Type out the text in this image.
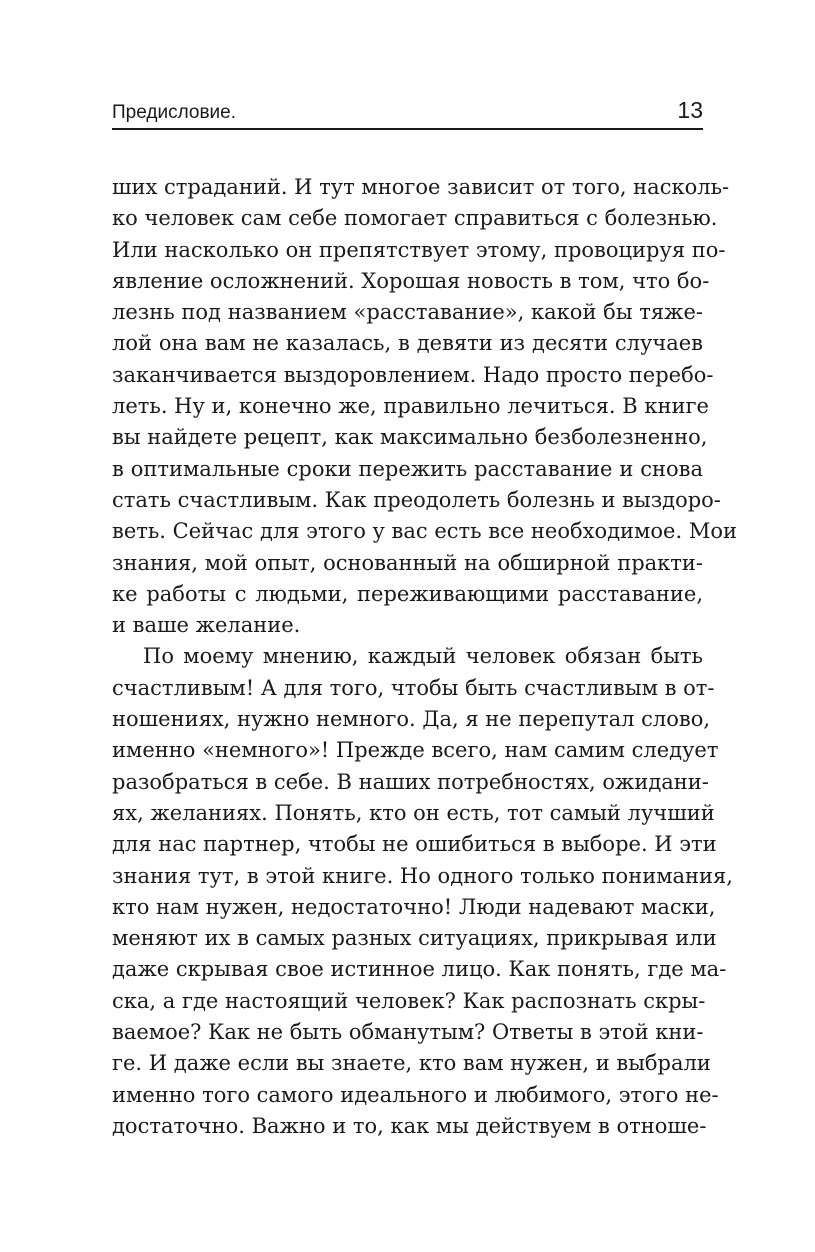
Предисловие.	13
ших страданий. И тут многое зависит от того, насколь-
ко человек сам себе помогает справиться с болезнью.
Или насколько он препятствует этому, провоцируя по-
явление осложнений. Хорошая новость в том, что бо-
лезнь под названием «расставание», какой бы тяже-
лой она вам не казалась, в девяти из десяти случаев
заканчивается выздоровлением. Надо просто перебо-
леть. Ну и, конечно же, правильно лечиться. В книге
вы найдете рецепт, как максимально безболезненно,
в оптимальные сроки пережить расставание и снова
стать счастливым. Как преодолеть болезнь и выздоро-
веть. Сейчас для этого у вас есть все необходимое. Мои
знания, мой опыт, основанный на обширной практи-
ке работы с людьми, переживающими расставание,
и ваше желание.
По моему мнению, каждый человек обязан быть
счастливым! А для того, чтобы быть счастливым в от-
ношениях, нужно немного. Да, я не перепутал слово,
именно «немного»! Прежде всего, нам самим следует
разобраться в себе. В наших потребностях, ожидани-
ях, желаниях. Понять, кто он есть, тот самый лучший
для нас партнер, чтобы не ошибиться в выборе. И эти
знания тут, в этой книге. Но одного только понимания,
кто нам нужен, недостаточно! Люди надевают маски,
меняют их в самых разных ситуациях, прикрывая или
даже скрывая свое истинное лицо. Как понять, где ма-
ска, а где настоящий человек? Как распознать скры-
ваемое? Как не быть обманутым? Ответы в этой кни-
ге. И даже если вы знаете, кто вам нужен, и выбрали
именно того самого идеального и любимого, этого не-
достаточно. Важно и то, как мы действуем в отноше-
